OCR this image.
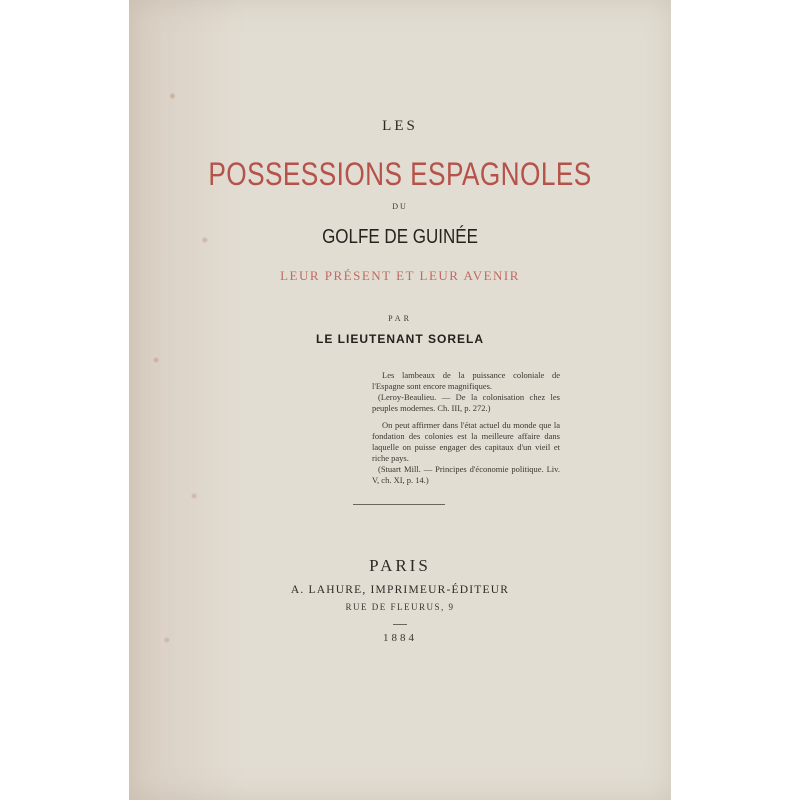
LES

POSSESSIONS ESPAGNOLES

DU

GOLFE DE GUINÉE

LEUR PRÉSENT ET LEUR AVENIR

PAR

LE LIEUTENANT SORELA

Les lambeaux de la puissance coloniale de l'Espagne sont encore magnifiques.

(Leroy-Beaulieu. — De la colonisation chez les peuples modernes. Ch. III, p. 272.)

On peut affirmer dans l'état actuel du monde que la fondation des colonies est la meilleure affaire dans laquelle on puisse engager des capitaux d'un vieil et riche pays.

(Stuart Mill. — Principes d'économie politique. Liv. V, ch. XI, p. 14.)

PARIS

A. LAHURE, IMPRIMEUR-ÉDITEUR

RUE DE FLEURUS, 9

1884
